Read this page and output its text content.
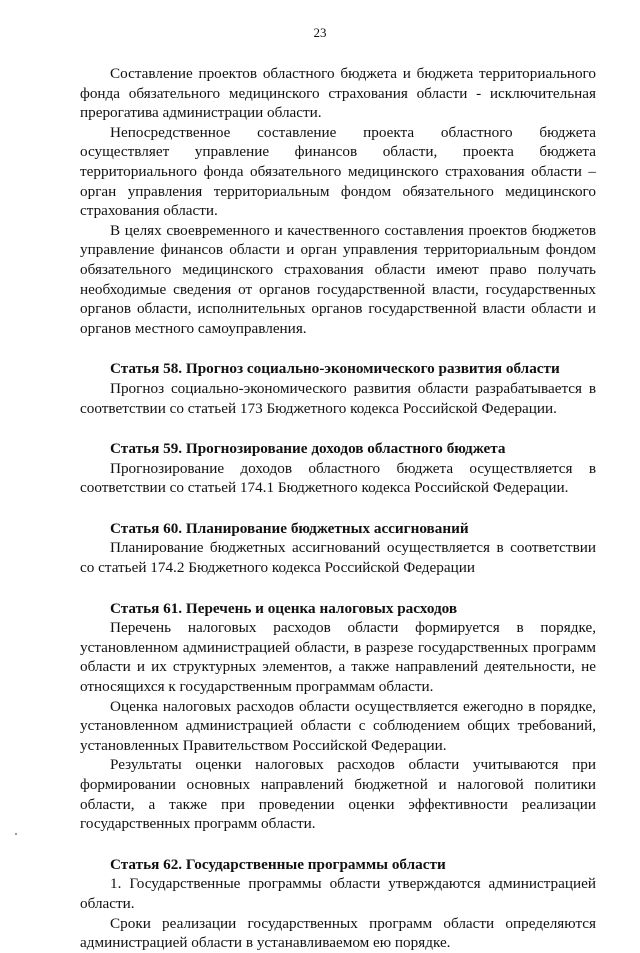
23

Составление проектов областного бюджета и бюджета территориального фонда обязательного медицинского страхования области - исключительная прерогатива администрации области.

Непосредственное составление проекта областного бюджета осуществляет управление финансов области, проекта бюджета территориального фонда обязательного медицинского страхования области – орган управления территориальным фондом обязательного медицинского страхования области.

В целях своевременного и качественного составления проектов бюджетов управление финансов области и орган управления территориальным фондом обязательного медицинского страхования области имеют право получать необходимые сведения от органов государственной власти, государственных органов области, исполнительных органов государственной власти области и органов местного самоуправления.

Статья 58. Прогноз социально-экономического развития области

Прогноз социально-экономического развития области разрабатывается в соответствии со статьей 173 Бюджетного кодекса Российской Федерации.

Статья 59. Прогнозирование доходов областного бюджета

Прогнозирование доходов областного бюджета осуществляется в соответствии со статьей 174.1 Бюджетного кодекса Российской Федерации.

Статья 60. Планирование бюджетных ассигнований

Планирование бюджетных ассигнований осуществляется в соответствии со статьей 174.2 Бюджетного кодекса Российской Федерации

Статья 61. Перечень и оценка налоговых расходов

Перечень налоговых расходов области формируется в порядке, установленном администрацией области, в разрезе государственных программ области и их структурных элементов, а также направлений деятельности, не относящихся к государственным программам области.

Оценка налоговых расходов области осуществляется ежегодно в порядке, установленном администрацией области с соблюдением общих требований, установленных Правительством Российской Федерации.

Результаты оценки налоговых расходов области учитываются при формировании основных направлений бюджетной и налоговой политики области, а также при проведении оценки эффективности реализации государственных программ области.

Статья 62. Государственные программы области

1. Государственные программы области утверждаются администрацией области.

Сроки реализации государственных программ области определяются администрацией области в устанавливаемом ею порядке.
